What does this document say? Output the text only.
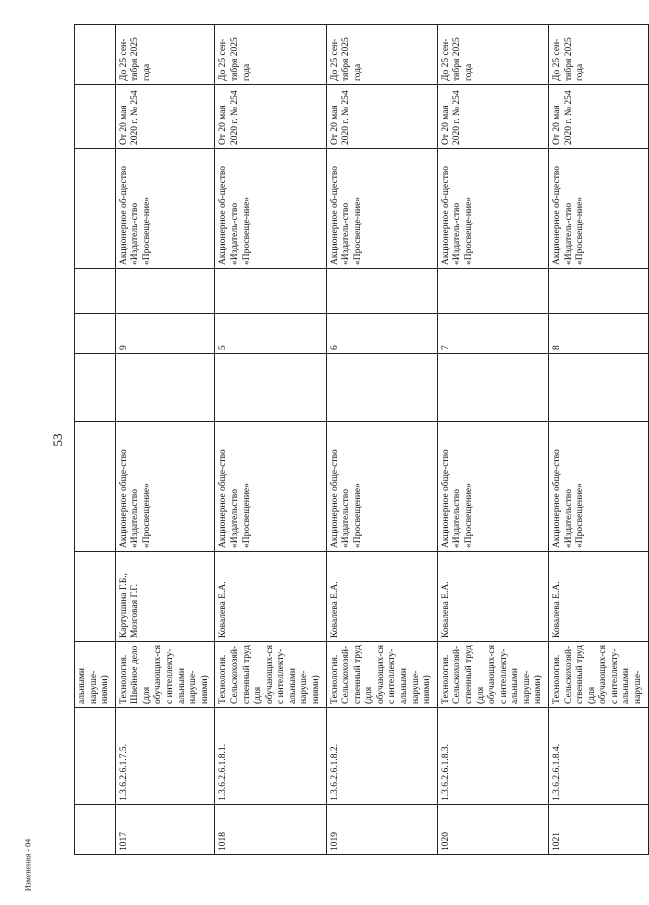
53
Изменения - 04
		альными наруше- ниями)								
1017	1.3.6.2.6.1.7.5.	Технология. Швейное дело (для обучающих-ся с интеллекту-альными наруше-ниями)	Картушина Г.Б., Мозговая Г.Г.	Акционерное обще-ство «Издательство «Просвещение»		9		Акционерное об-щество «Издатель-ство «Просвеще-ние»	От 20 мая 2020 г. № 254	До 25 сен-тября 2025 года
1018	1.3.6.2.6.1.8.1.	Технология. Сельскохозяй-ственный труд (для обучающих-ся с интеллекту-альными наруше-ниями)	Ковалева Е.А.	Акционерное обще-ство «Издательство «Просвещение»		5		Акционерное об-щество «Издатель-ство «Просвеще-ние»	От 20 мая 2020 г. № 254	До 25 сен-тября 2025 года
1019	1.3.6.2.6.1.8.2.	Технология. Сельскохозяй-ственный труд (для обучающих-ся с интеллекту-альными наруше-ниями)	Ковалева Е.А.	Акционерное обще-ство «Издательство «Просвещение»		6		Акционерное об-щество «Издатель-ство «Просвеще-ние»	От 20 мая 2020 г. № 254	До 25 сен-тября 2025 года
1020	1.3.6.2.6.1.8.3.	Технология. Сельскохозяй-ственный труд (для обучающих-ся с интеллекту-альными наруше-ниями)	Ковалева Е.А.	Акционерное обще-ство «Издательство «Просвещение»		7		Акционерное об-щество «Издатель-ство «Просвеще-ние»	От 20 мая 2020 г. № 254	До 25 сен-тября 2025 года
1021	1.3.6.2.6.1.8.4.	Технология. Сельскохозяй-ственный труд (для обучающих-ся с интеллекту-альными наруше-	Ковалева Е.А.	Акционерное обще-ство «Издательство «Просвещение»		8		Акционерное об-щество «Издатель-ство «Просвеще-ние»	От 20 мая 2020 г. № 254	До 25 сен-тября 2025 года
